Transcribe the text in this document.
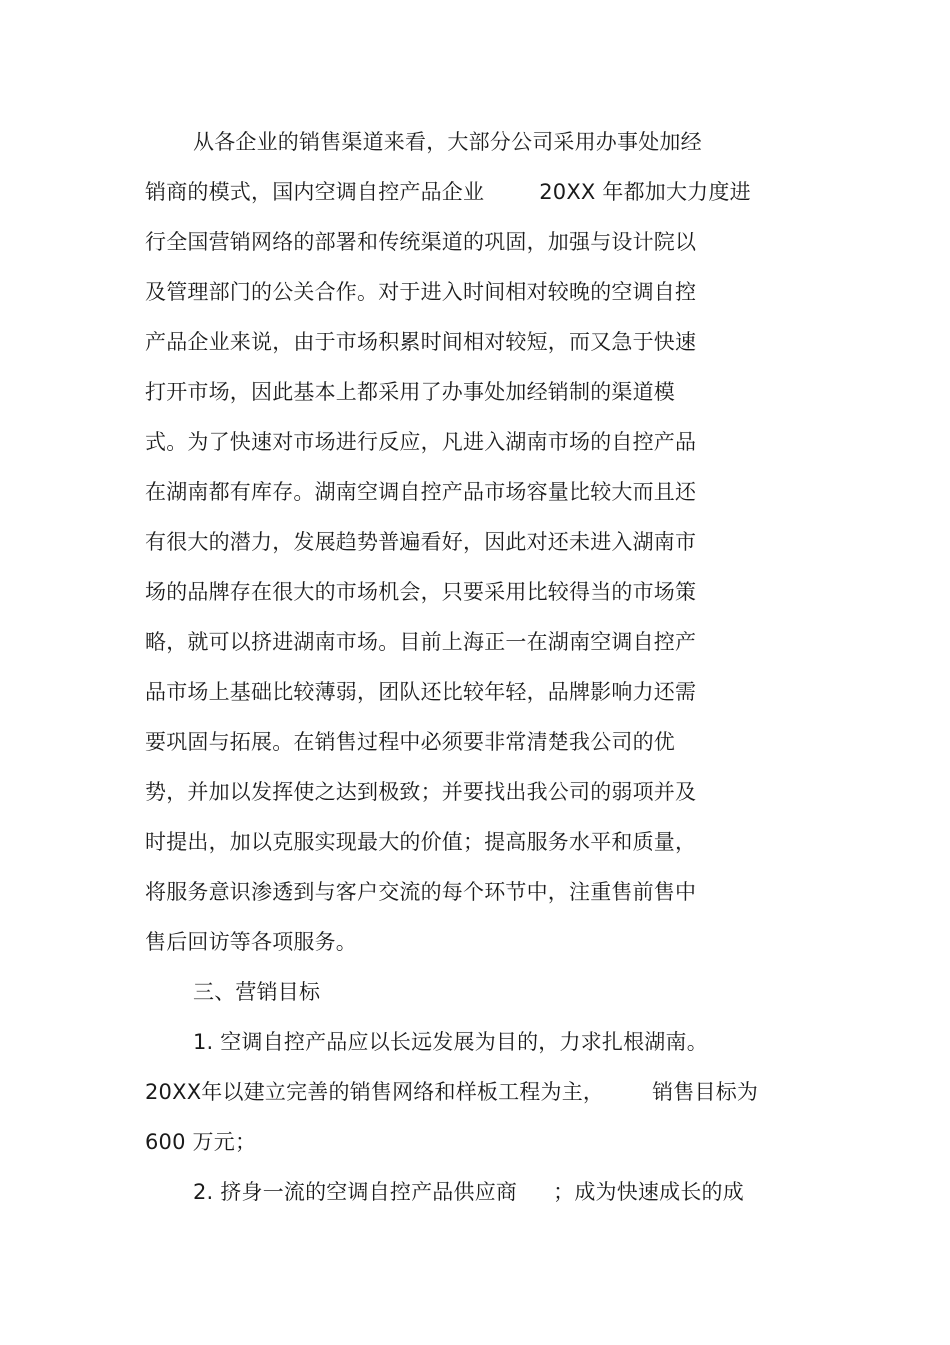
从各企业的销售渠道来看，大部分公司采用办事处加经
销商的模式，国内空调自控产品企业	20XX 年都加大力度进
行全国营销网络的部署和传统渠道的巩固，加强与设计院以
及管理部门的公关合作。对于进入时间相对较晚的空调自控
产品企业来说，由于市场积累时间相对较短，而又急于快速
打开市场，因此基本上都采用了办事处加经销制的渠道模
式。为了快速对市场进行反应，凡进入湖南市场的自控产品
在湖南都有库存。湖南空调自控产品市场容量比较大而且还
有很大的潜力，发展趋势普遍看好，因此对还未进入湖南市
场的品牌存在很大的市场机会，只要采用比较得当的市场策
略，就可以挤进湖南市场。目前上海正一在湖南空调自控产
品市场上基础比较薄弱，团队还比较年轻，品牌影响力还需
要巩固与拓展。在销售过程中必须要非常清楚我公司的优
势，并加以发挥使之达到极致；并要找出我公司的弱项并及
时提出，加以克服实现最大的价值；提高服务水平和质量，
将服务意识渗透到与客户交流的每个环节中，注重售前售中
售后回访等各项服务。
三、营销目标
1. 空调自控产品应以长远发展为目的，力求扎根湖南。
20XX年以建立完善的销售网络和样板工程为主， 销售目标为
600 万元；
2. 挤身一流的空调自控产品供应商 ；成为快速成长的成
